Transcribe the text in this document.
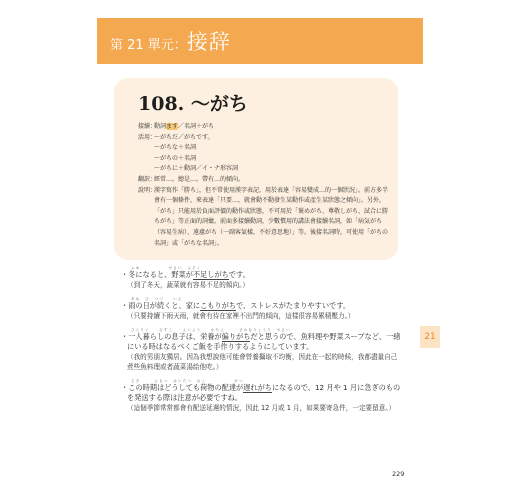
第 21 單元：接辞
108. ～がち
接續：
動詞ます／名詞＋がち
活用：
～がちだ／がちです。
～がちな＋名詞
～がちの＋名詞
～がちに＋動詞／イ・ナ形容詞
翻訳：
經常…。總是…。帶有…的傾向。
說明：
漢字寫作「勝ち」，但不常使用漢字表記。用於表達「容易變成…的一個狀況」。前方多半會有一個條件，來表達「只要…，就會動不動發生某動作或產生某狀態之傾向」。另外，「がち」只能用於負面評價的動作或狀態，不可用於「褒めがち、尊敬しがち、試合に勝ちがち」等正面的詞彙。前面多接續動詞，少數慣用的講法會接續名詞，如「病気がち（容易生病）、遠慮がち（一副客氣樣，不好意思地）」等。後接名詞時，可使用「がちの名詞」或「がちな名詞」。
ふゆ　　　　　　やさい　ぶそく
・冬になると、野菜が不足しがちです。
（到了冬天，蔬菜就有容易不足的傾向。）
あめ　ひ　つづ　　いえ
・雨の日が続くと、家にこもりがちで、ストレスがたまりやすいです。
（只要持續下雨天雨，就會有待在家裡不出門的傾向，這樣很容易累積壓力。）
ひとりぐ　　むすこ　　えいよう　　かたよ　　　さかなりょうり　やさい
・一人暮らしの息子は、栄養が偏りがちだと思うので、魚料理や野菜スープなど、一緒にいる時はなるべくご飯を手作りするようにしています。
（我的男朋友獨居。因為我想說他可能會營養攝取不均衡，因此在一起的時候，我都盡量自己煮些魚料理或者蔬菜湯給他吃。）
じき　　　にもつ　はいたつ　おく　　　　　　がつ
・この時期はどうしても荷物の配達が遅れがちになるので、12 月や 1 月に急ぎのものを発送する際は注意が必要ですね。
（這個季節常常都會有配送延遲的情況，因此 12 月或 1 月，如果要寄急件，一定要留意。）
21
229
